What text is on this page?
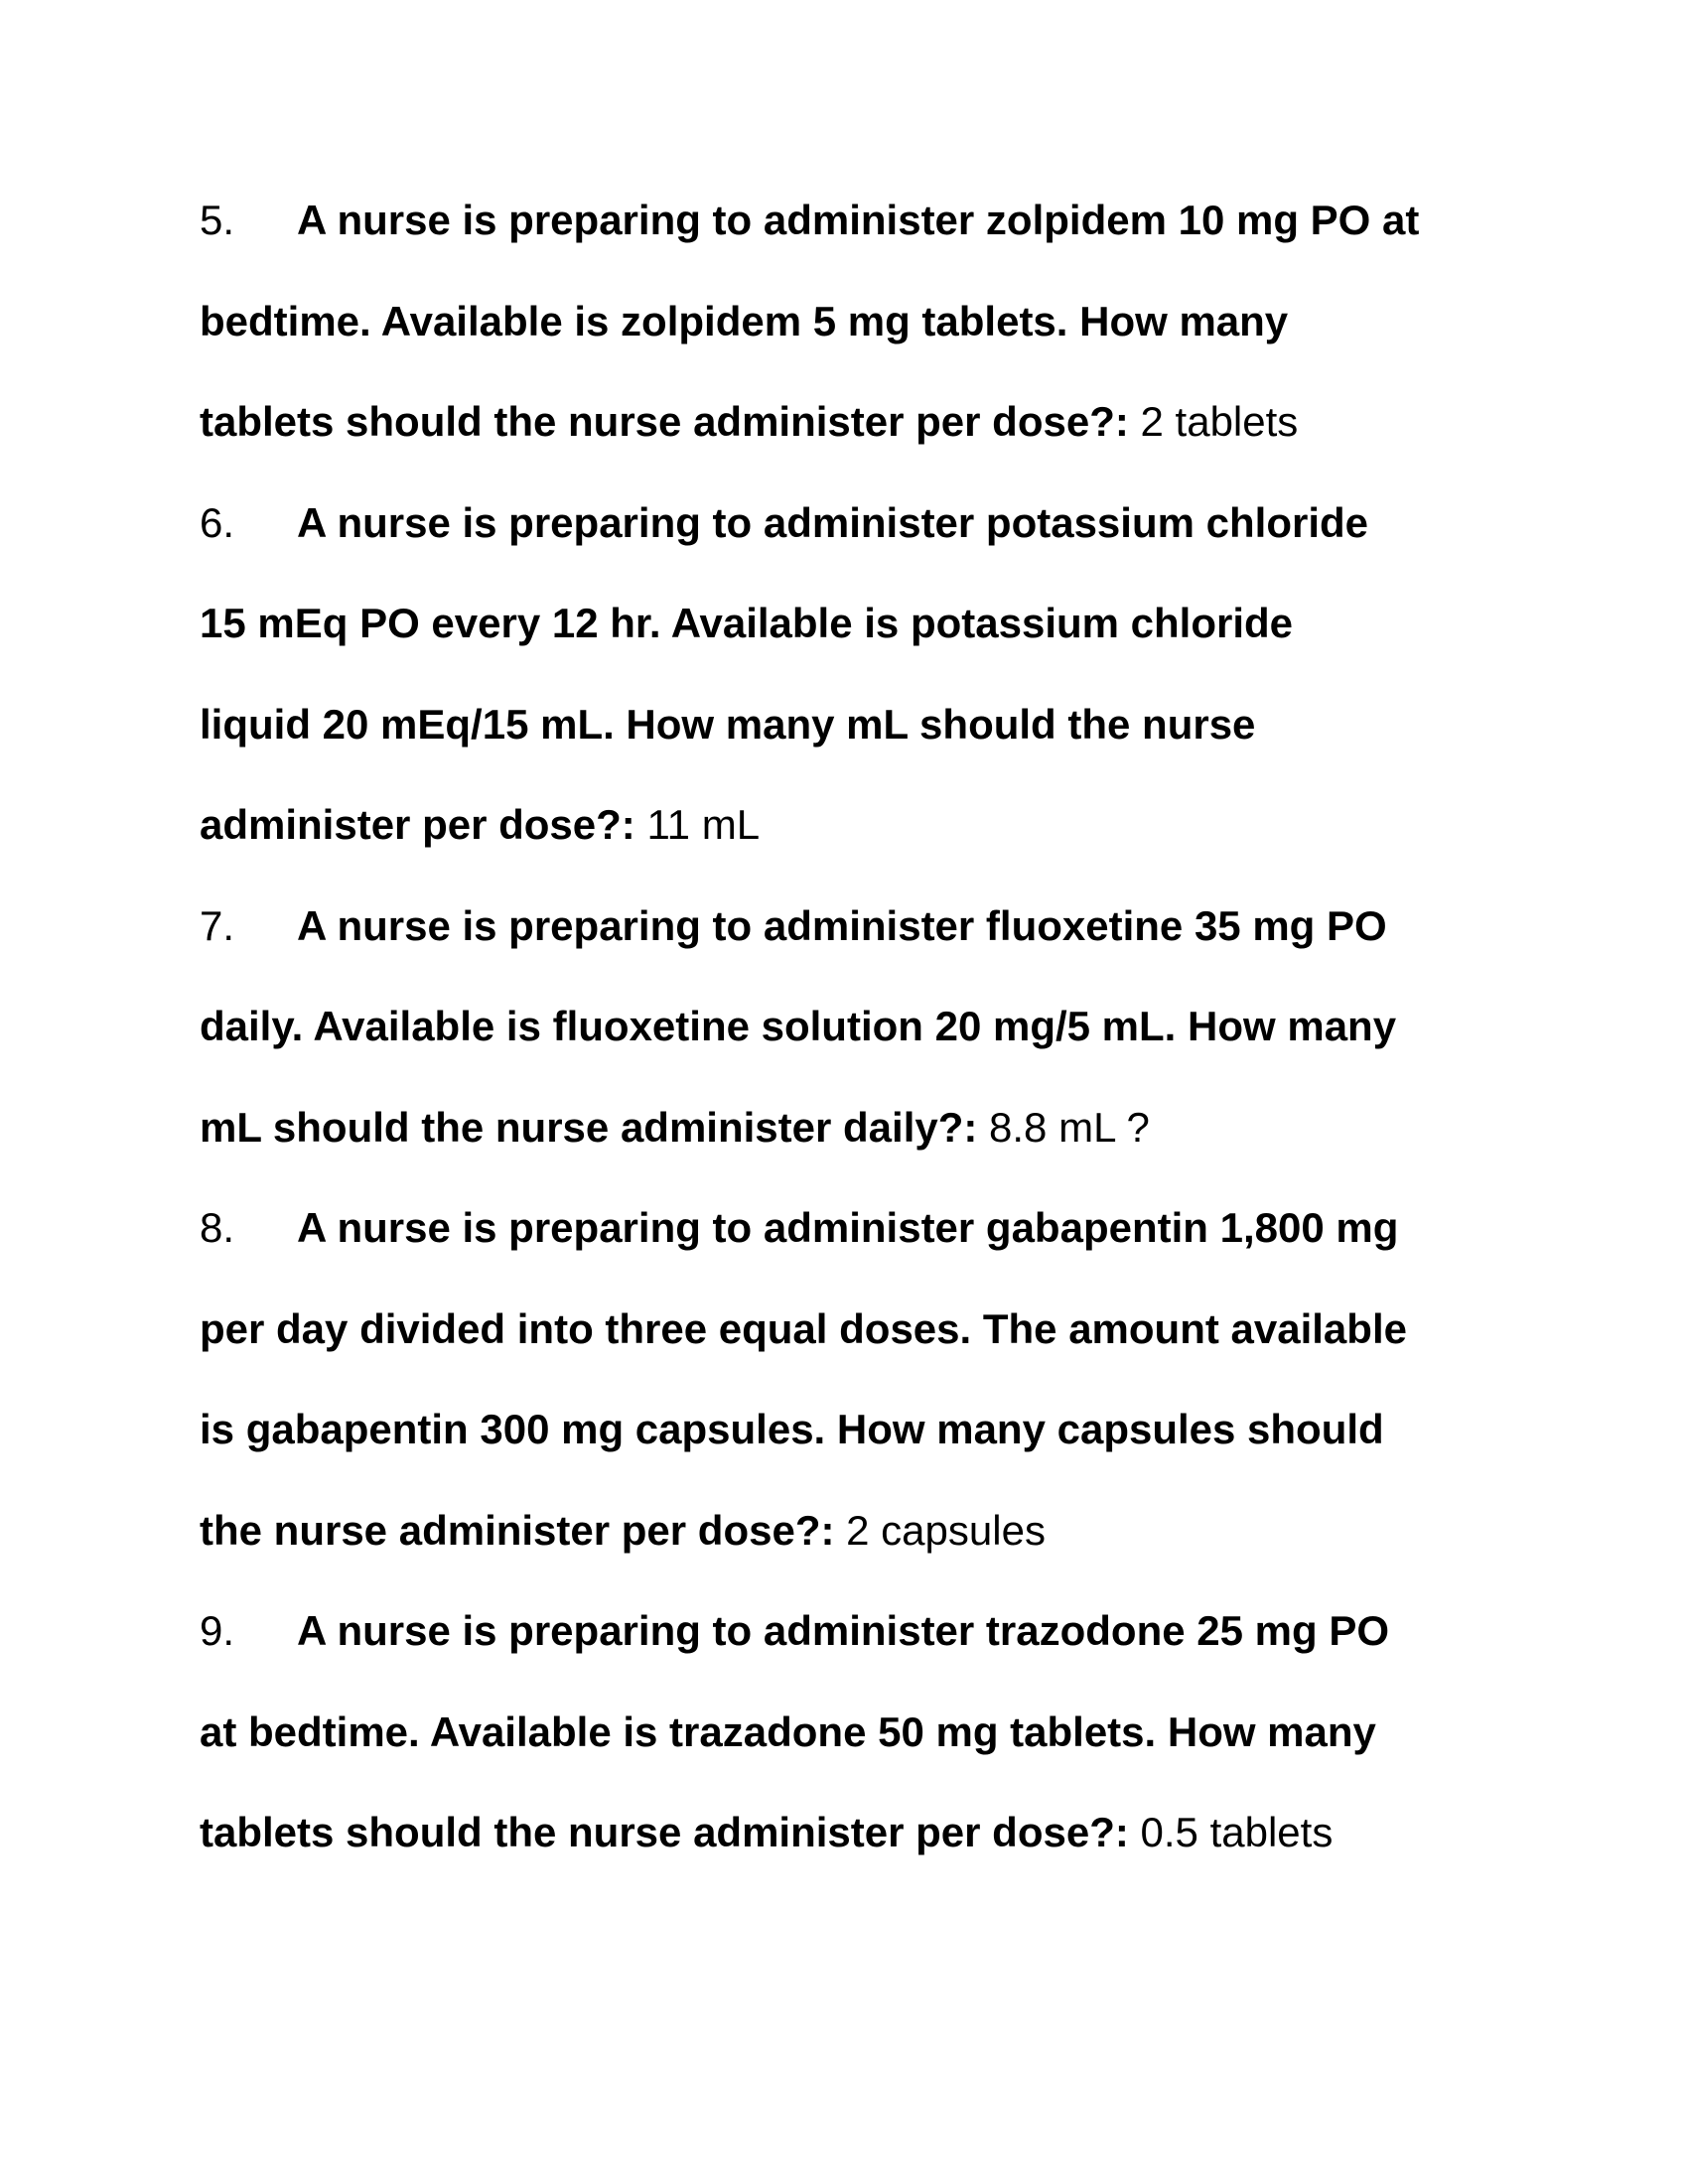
5. A nurse is preparing to administer zolpidem 10 mg PO at
bedtime. Available is zolpidem 5 mg tablets. How many
tablets should the nurse administer per dose?: 2 tablets
6. A nurse is preparing to administer potassium chloride
15 mEq PO every 12 hr. Available is potassium chloride
liquid 20 mEq/15 mL. How many mL should the nurse
administer per dose?: 11 mL
7. A nurse is preparing to administer fluoxetine 35 mg PO
daily. Available is fluoxetine solution 20 mg/5 mL. How many
mL should the nurse administer daily?: 8.8 mL ?
8. A nurse is preparing to administer gabapentin 1,800 mg
per day divided into three equal doses. The amount available
is gabapentin 300 mg capsules. How many capsules should
the nurse administer per dose?: 2 capsules
9. A nurse is preparing to administer trazodone 25 mg PO
at bedtime. Available is trazadone 50 mg tablets. How many
tablets should the nurse administer per dose?: 0.5 tablets
